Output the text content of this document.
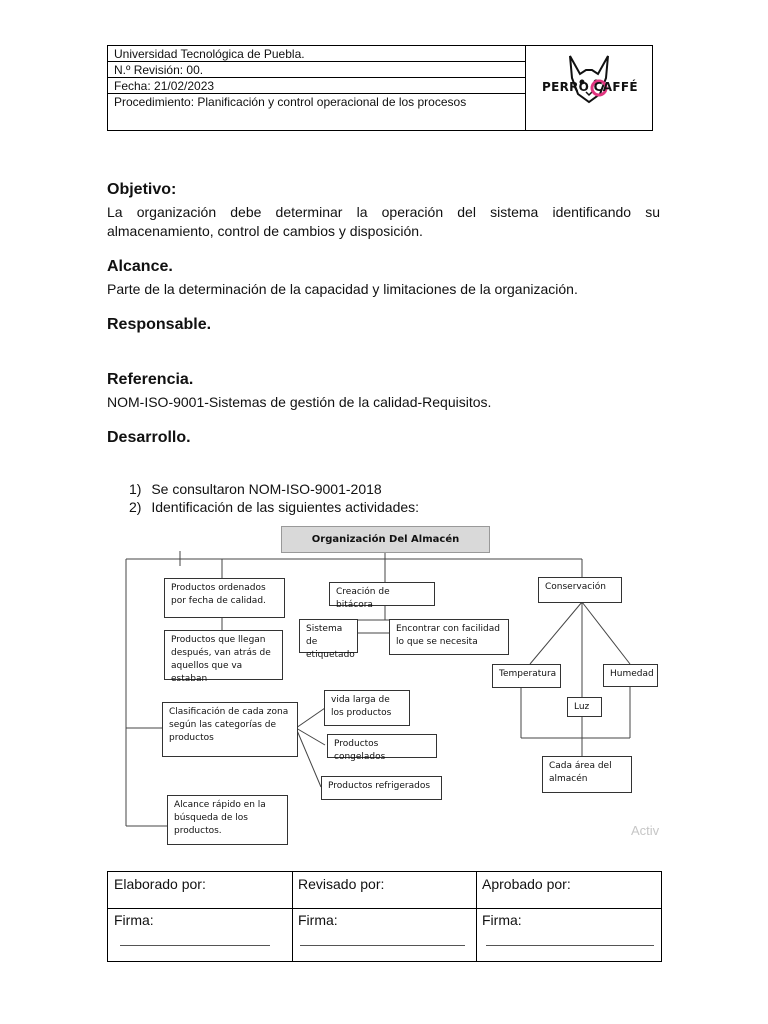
Universidad Tecnológica de Puebla.
N.º Revisión: 00.
Fecha: 21/02/2023
Procedimiento: Planificación y control operacional de los procesos
PERRO CAFFÉ
Objetivo:

La organización debe determinar la operación del sistema identificando su almacenamiento, control de cambios y disposición.

Alcance.

Parte de la determinación de la capacidad y limitaciones de la organización.

Responsable.
Referencia.

NOM-ISO-9001-Sistemas de gestión de la calidad-Requisitos.

Desarrollo.
1) Se consultaron NOM-ISO-9001-2018
2) Identificación de las siguientes actividades:
Organización Del Almacén
Productos ordenados por fecha de calidad.
Productos que llegan después, van atrás de aquellos que va estaban
Clasificación de cada zona según las categorías de productos
Alcance rápido en la búsqueda de los productos.
Creación de bitácora
Sistema de etiquetado
Encontrar con facilidad lo que se necesita
vida larga de los productos
Productos congelados
Productos refrigerados
Conservación
Temperatura	Humedad
Luz
Cada área del almacén
Activ
Elaborado por:	Revisado por:	Aprobado por:
Firma:	Firma:	Firma:
